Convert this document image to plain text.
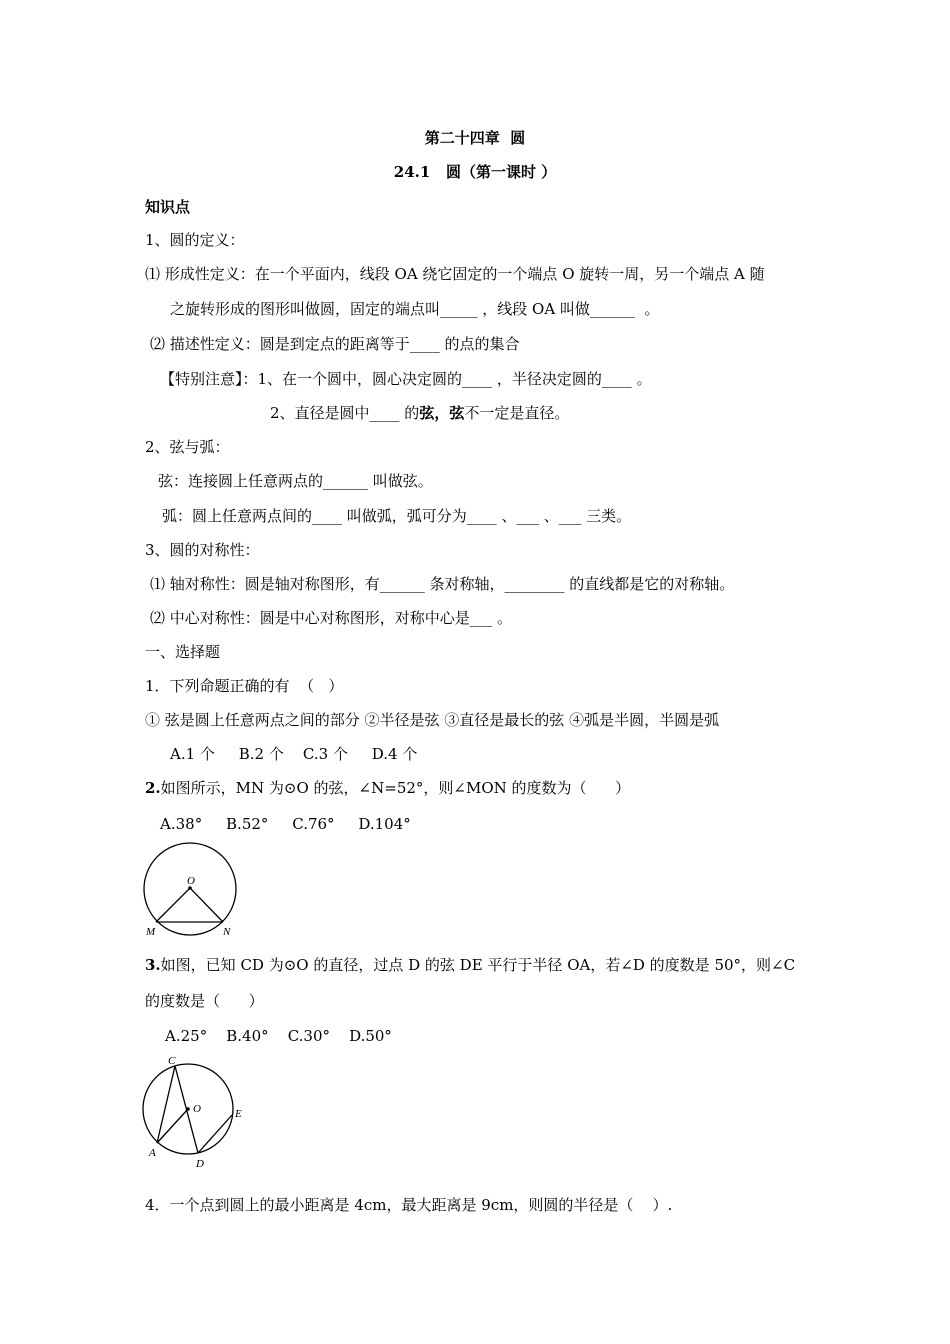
第二十四章  圆
24.1   圆（第一课时 ）
知识点
1、圆的定义：
⑴ 形成性定义：在一个平面内，线段 OA 绕它固定的一个端点 O 旋转一周，另一个端点 A 随
之旋转形成的图形叫做圆，固定的端点叫_____ ，线段 OA 叫做______  。
⑵ 描述性定义：圆是到定点的距离等于____ 的点的集合
【特别注意】：1、在一个圆中，圆心决定圆的____ ，半径决定圆的____ 。
2、直径是圆中____ 的弦，弦不一定是直径。
2、弦与弧：
弦：连接圆上任意两点的______ 叫做弦。
弧：圆上任意两点间的____ 叫做弧，弧可分为____ 、___ 、___ 三类。
3、圆的对称性：
⑴ 轴对称性：圆是轴对称图形，有______ 条对称轴，________ 的直线都是它的对称轴。
⑵ 中心对称性：圆是中心对称图形，对称中心是___ 。
一、选择题
1．下列命题正确的有  （   ）
① 弦是圆上任意两点之间的部分 ②半径是弦 ③直径是最长的弦 ④弧是半圆，半圆是弧
A.1 个     B.2 个    C.3 个     D.4 个
2.如图所示，MN 为⊙O 的弦，∠N=52°，则∠MON 的度数为（      ）
A.38°     B.52°     C.76°     D.104°
O
M	N
3.如图，已知 CD 为⊙O 的直径，过点 D 的弦 DE 平行于半径 OA，若∠D 的度数是 50°，则∠C
的度数是（      ）
A.25°    B.40°    C.30°    D.50°
C
O	E
A
D
4．一个点到圆上的最小距离是 4cm，最大距离是 9cm，则圆的半径是（    ）.
